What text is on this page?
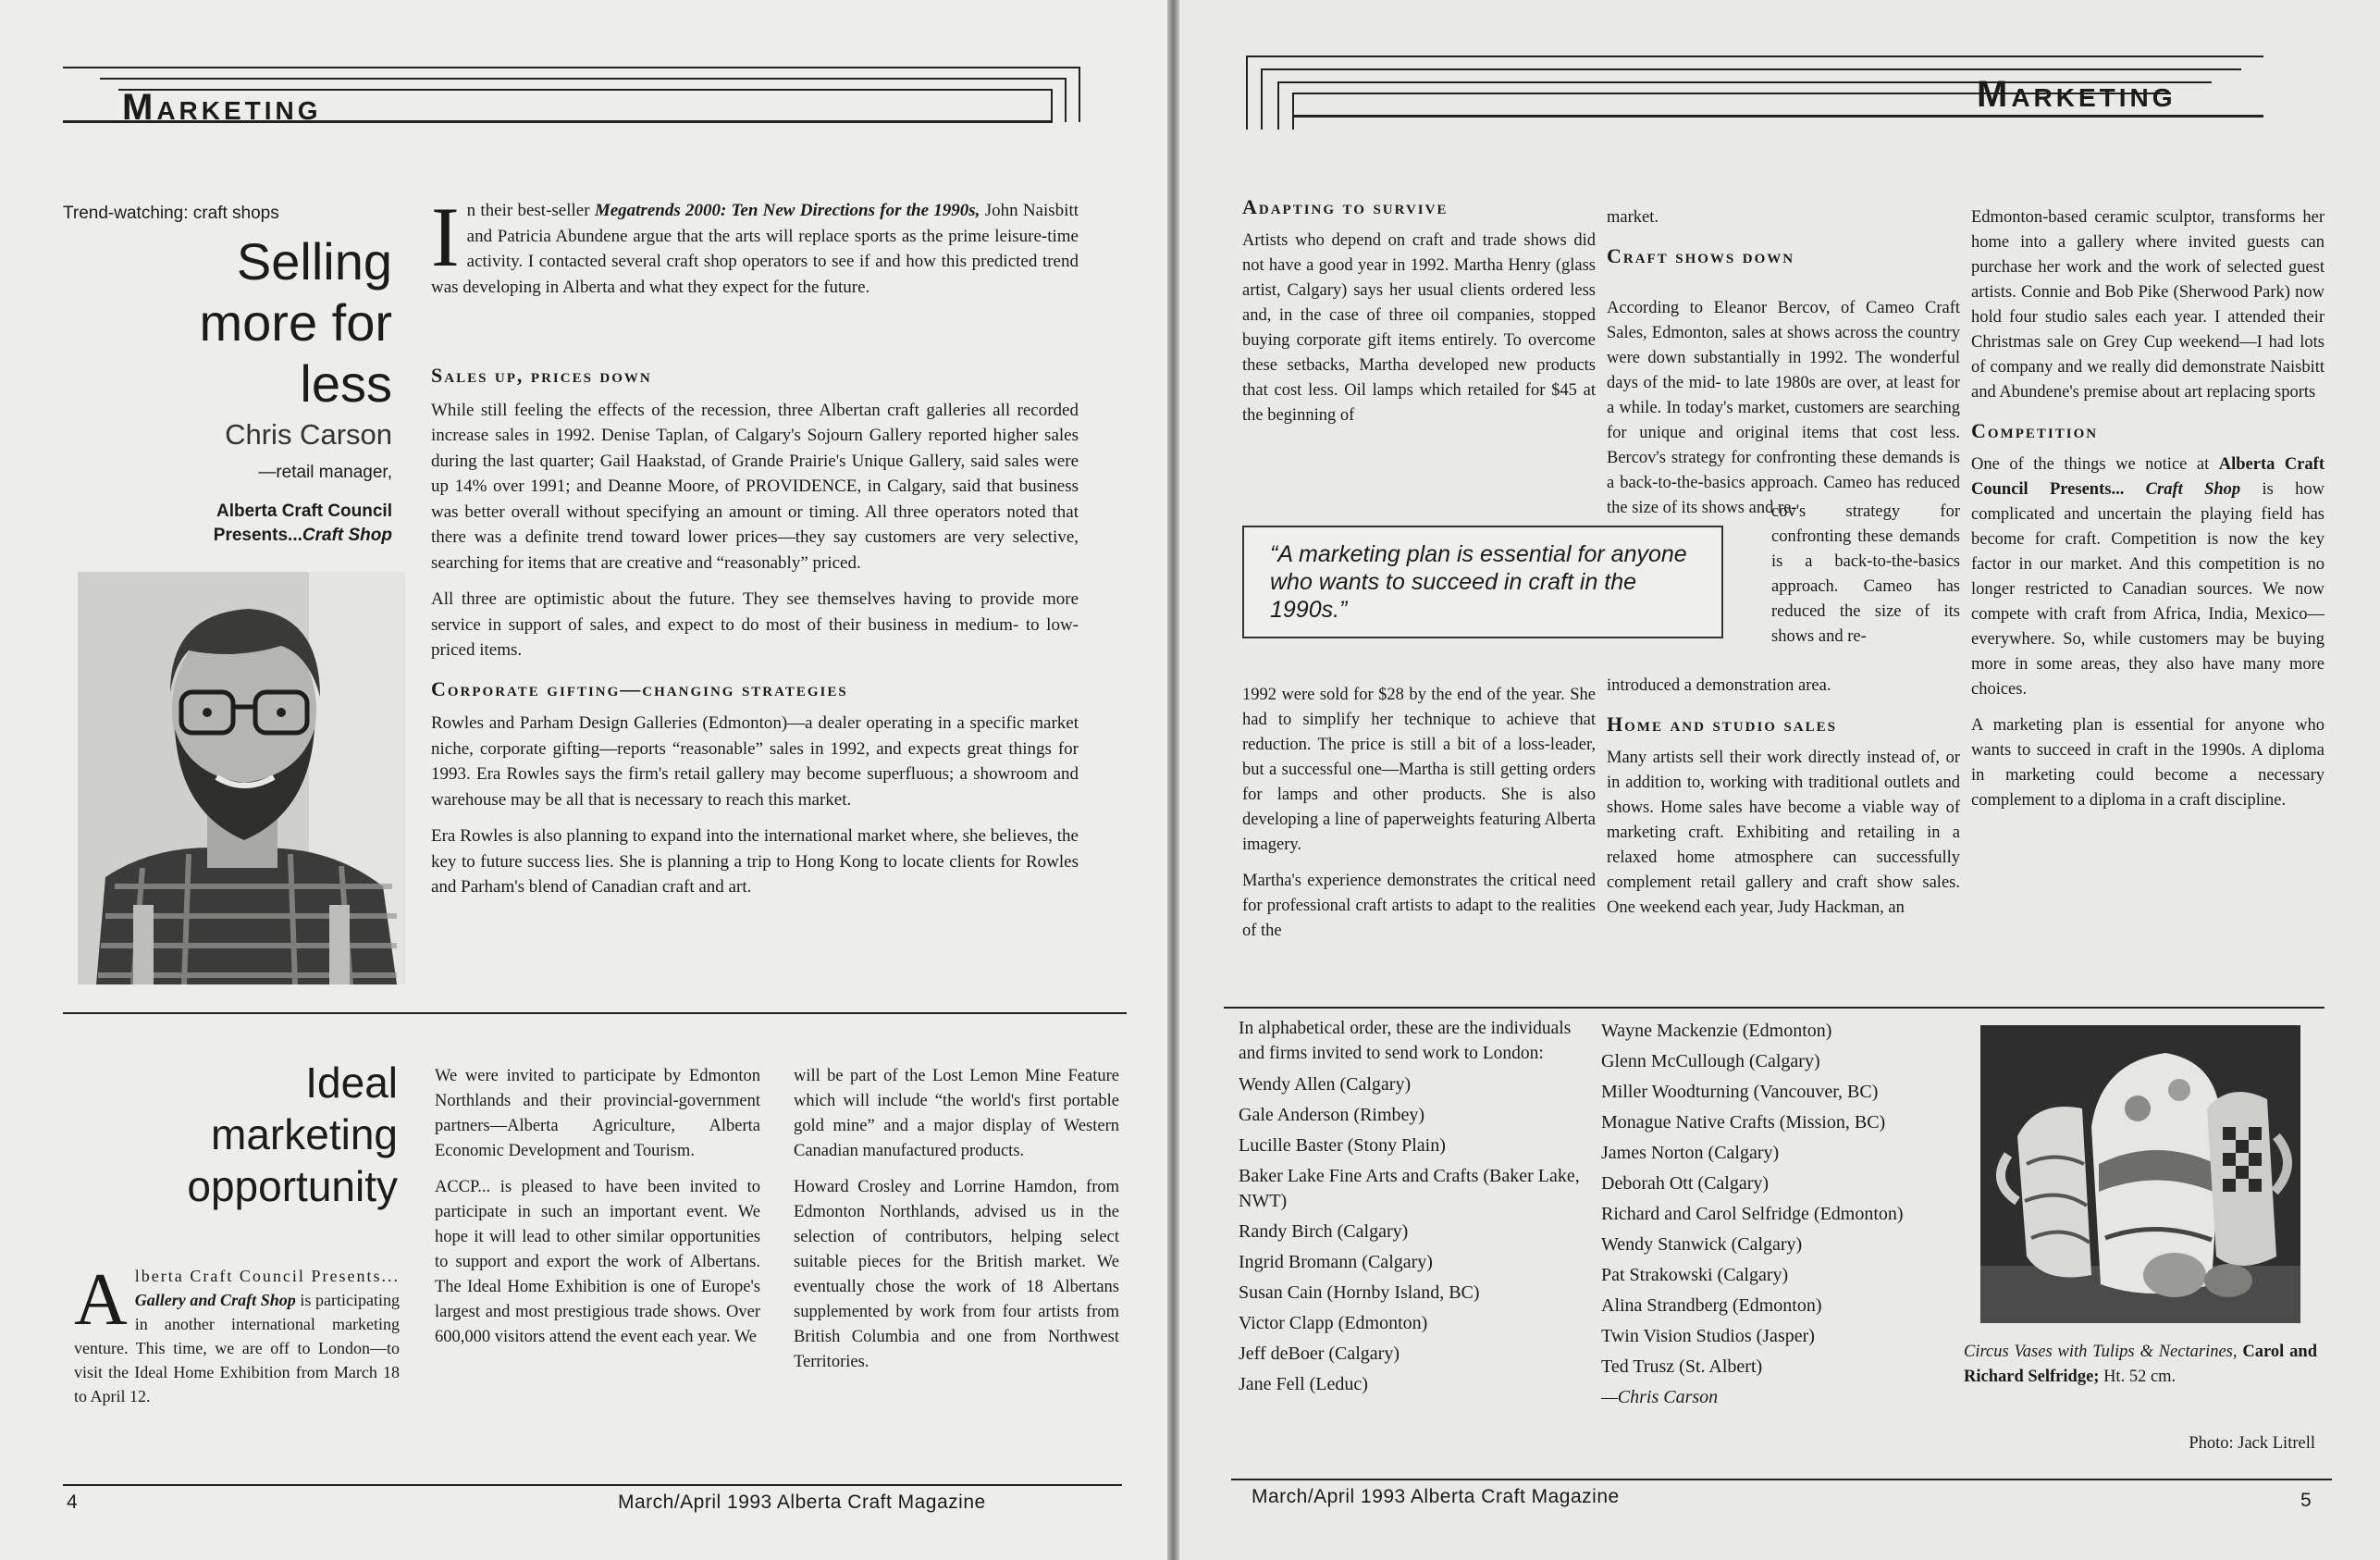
Marketing
Trend-watching: craft shops
Selling
more for
less
Chris Carson
—retail manager,
Alberta Craft Council
Presents...Craft Shop
In their best-seller Megatrends 2000: Ten New Directions for the 1990s, John Naisbitt and Patricia Abundene argue that the arts will replace sports as the prime leisure-time activity. I contacted several craft shop operators to see if and how this predicted trend was developing in Alberta and what they expect for the future.
Sales up, prices down

While still feeling the effects of the recession, three Albertan craft galleries all recorded increase sales in 1992. Denise Taplan, of Calgary's Sojourn Gallery reported higher sales during the last quarter; Gail Haakstad, of Grande Prairie's Unique Gallery, said sales were up 14% over 1991; and Deanne Moore, of PROVIDENCE, in Calgary, said that business was better overall without specifying an amount or timing. All three operators noted that there was a definite trend toward lower prices—they say customers are very selective, searching for items that are creative and “reasonably” priced.

All three are optimistic about the future. They see themselves having to provide more service in support of sales, and expect to do most of their business in medium- to low-priced items.

Corporate gifting—changing strategies

Rowles and Parham Design Galleries (Edmonton)—a dealer operating in a specific market niche, corporate gifting—reports “reasonable” sales in 1992, and expects great things for 1993. Era Rowles says the firm's retail gallery may become superfluous; a showroom and warehouse may be all that is necessary to reach this market.

Era Rowles is also planning to expand into the international market where, she believes, the key to future success lies. She is planning a trip to Hong Kong to locate clients for Rowles and Parham's blend of Canadian craft and art.

Ideal
marketing
opportunity
Alberta Craft Council Presents... Gallery and Craft Shop is participating in another international marketing venture. This time, we are off to London—to visit the Ideal Home Exhibition from March 18 to April 12.

We were invited to participate by Edmonton Northlands and their provincial-government partners—Alberta Agriculture, Alberta Economic Development and Tourism.

ACCP... is pleased to have been invited to participate in such an important event. We hope it will lead to other similar opportunities to support and export the work of Albertans. The Ideal Home Exhibition is one of Europe's largest and most prestigious trade shows. Over 600,000 visitors attend the event each year. We

will be part of the Lost Lemon Mine Feature which will include “the world's first portable gold mine” and a major display of Western Canadian manufactured products.

Howard Crosley and Lorrine Hamdon, from Edmonton Northlands, advised us in the selection of contributors, helping select suitable pieces for the British market. We eventually chose the work of 18 Albertans supplemented by work from four artists from British Columbia and one from Northwest Territories.

4	March/April 1993 Alberta Craft Magazine
Marketing
Adapting to survive

Artists who depend on craft and trade shows did not have a good year in 1992. Martha Henry (glass artist, Calgary) says her usual clients ordered less and, in the case of three oil companies, stopped buying corporate gift items entirely. To overcome these setbacks, Martha developed new products that cost less. Oil lamps which retailed for $45 at the beginning of

“A marketing plan is essential for anyone who wants to succeed in craft in the 1990s.”

1992 were sold for $28 by the end of the year. She had to simplify her technique to achieve that reduction. The price is still a bit of a loss-leader, but a successful one—Martha is still getting orders for lamps and other products. She is also developing a line of paperweights featuring Alberta imagery.

Martha's experience demonstrates the critical need for professional craft artists to adapt to the realities of the

market.

Craft shows down
According to Eleanor Bercov, of Cameo Craft Sales, Edmonton, sales at shows across the country were down substantially in 1992. The wonderful days of the mid- to late 1980s are over, at least for a while. In today's market, customers are searching for unique and original items that cost less. Bercov's strategy for confronting these demands is a back-to-the-basics approach. Cameo has reduced the size of its shows and re-
cov's strategy for confronting these demands is a back-to-the-basics approach. Cameo has reduced the size of its shows and re-

introduced a demonstration area.

Home and studio sales

Many artists sell their work directly instead of, or in addition to, working with traditional outlets and shows. Home sales have become a viable way of marketing craft. Exhibiting and retailing in a relaxed home atmosphere can successfully complement retail gallery and craft show sales. One weekend each year, Judy Hackman, an

Edmonton-based ceramic sculptor, transforms her home into a gallery where invited guests can purchase her work and the work of selected guest artists. Connie and Bob Pike (Sherwood Park) now hold four studio sales each year. I attended their Christmas sale on Grey Cup weekend—I had lots of company and we really did demonstrate Naisbitt and Abundene's premise about art replacing sports

Competition

One of the things we notice at Alberta Craft Council Presents... Craft Shop is how complicated and uncertain the playing field has become for craft. Competition is now the key factor in our market. And this competition is no longer restricted to Canadian sources. We now compete with craft from Africa, India, Mexico—everywhere. So, while customers may be buying more in some areas, they also have many more choices.

A marketing plan is essential for anyone who wants to succeed in craft in the 1990s. A diploma in marketing could become a necessary complement to a diploma in a craft discipline.

In alphabetical order, these are the individuals and firms invited to send work to London:
Wendy Allen (Calgary)
Gale Anderson (Rimbey)
Lucille Baster (Stony Plain)
Baker Lake Fine Arts and Crafts (Baker Lake, NWT)
Randy Birch (Calgary)
Ingrid Bromann (Calgary)
Susan Cain (Hornby Island, BC)
Victor Clapp (Edmonton)
Jeff deBoer (Calgary)
Jane Fell (Leduc)
Wayne Mackenzie (Edmonton)
Glenn McCullough (Calgary)
Miller Woodturning (Vancouver, BC)
Monague Native Crafts (Mission, BC)
James Norton (Calgary)
Deborah Ott (Calgary)
Richard and Carol Selfridge (Edmonton)
Wendy Stanwick (Calgary)
Pat Strakowski (Calgary)
Alina Strandberg (Edmonton)
Twin Vision Studios (Jasper)
Ted Trusz (St. Albert)
—Chris Carson
Circus Vases with Tulips & Nectarines, Carol and Richard Selfridge; Ht. 52 cm.
Photo: Jack Litrell
March/April 1993 Alberta Craft Magazine	5
